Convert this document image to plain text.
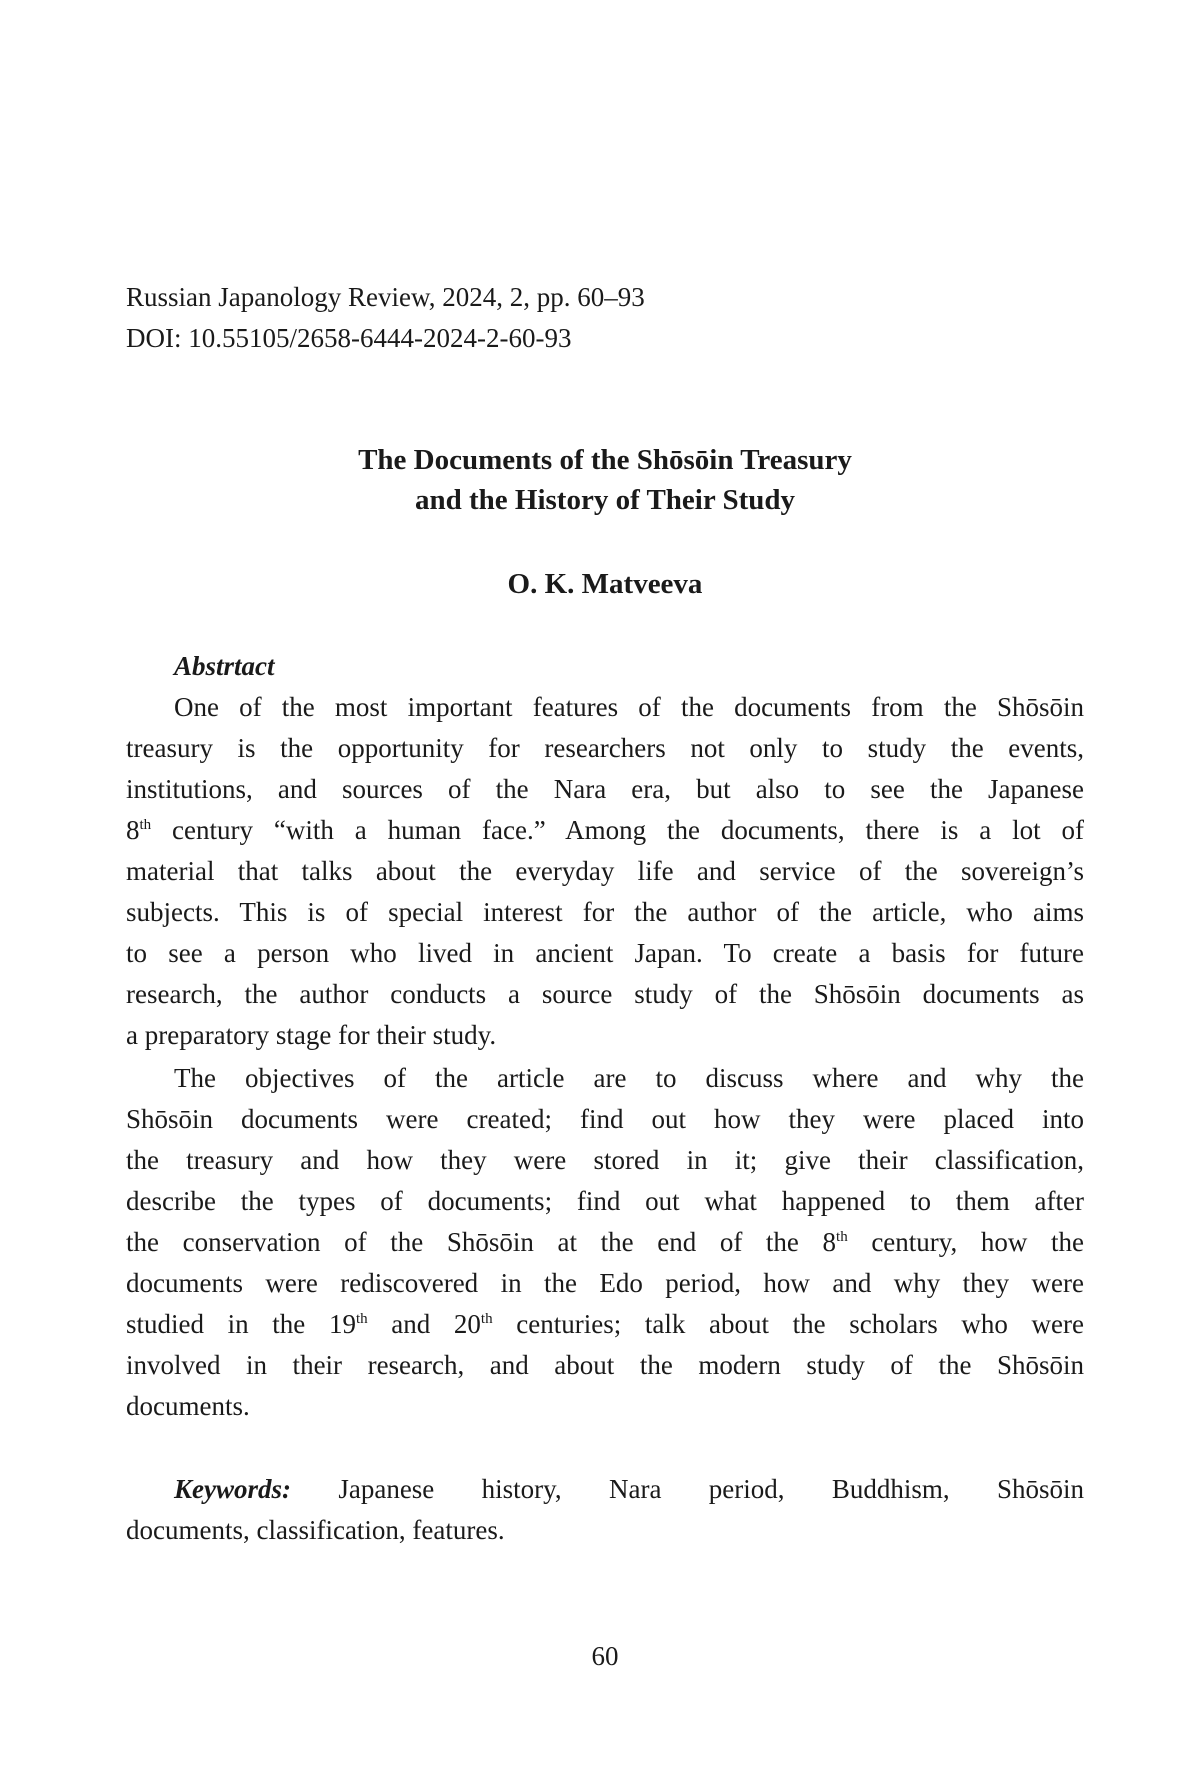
Russian Japanology Review, 2024, 2, pp. 60–93
DOI: 10.55105/2658-6444-2024-2-60-93
The Documents of the Shōsōin Treasury
and the History of Their Study
O. K. Matveeva
Abstrtact
One of the most important features of the documents from the Shōsōin
treasury is the opportunity for researchers not only to study the events,
institutions, and sources of the Nara era, but also to see the Japanese
8th century “with a human face.” Among the documents, there is a lot of
material that talks about the everyday life and service of the sovereign’s
subjects. This is of special interest for the author of the article, who aims
to see a person who lived in ancient Japan. To create a basis for future
research, the author conducts a source study of the Shōsōin documents as
a preparatory stage for their study.
The objectives of the article are to discuss where and why the
Shōsōin documents were created; find out how they were placed into
the treasury and how they were stored in it; give their classification,
describe the types of documents; find out what happened to them after
the conservation of the Shōsōin at the end of the 8th century, how the
documents were rediscovered in the Edo period, how and why they were
studied in the 19th and 20th centuries; talk about the scholars who were
involved in their research, and about the modern study of the Shōsōin
documents.
Keywords: Japanese history, Nara period, Buddhism, Shōsōin
documents, classification, features.
60
